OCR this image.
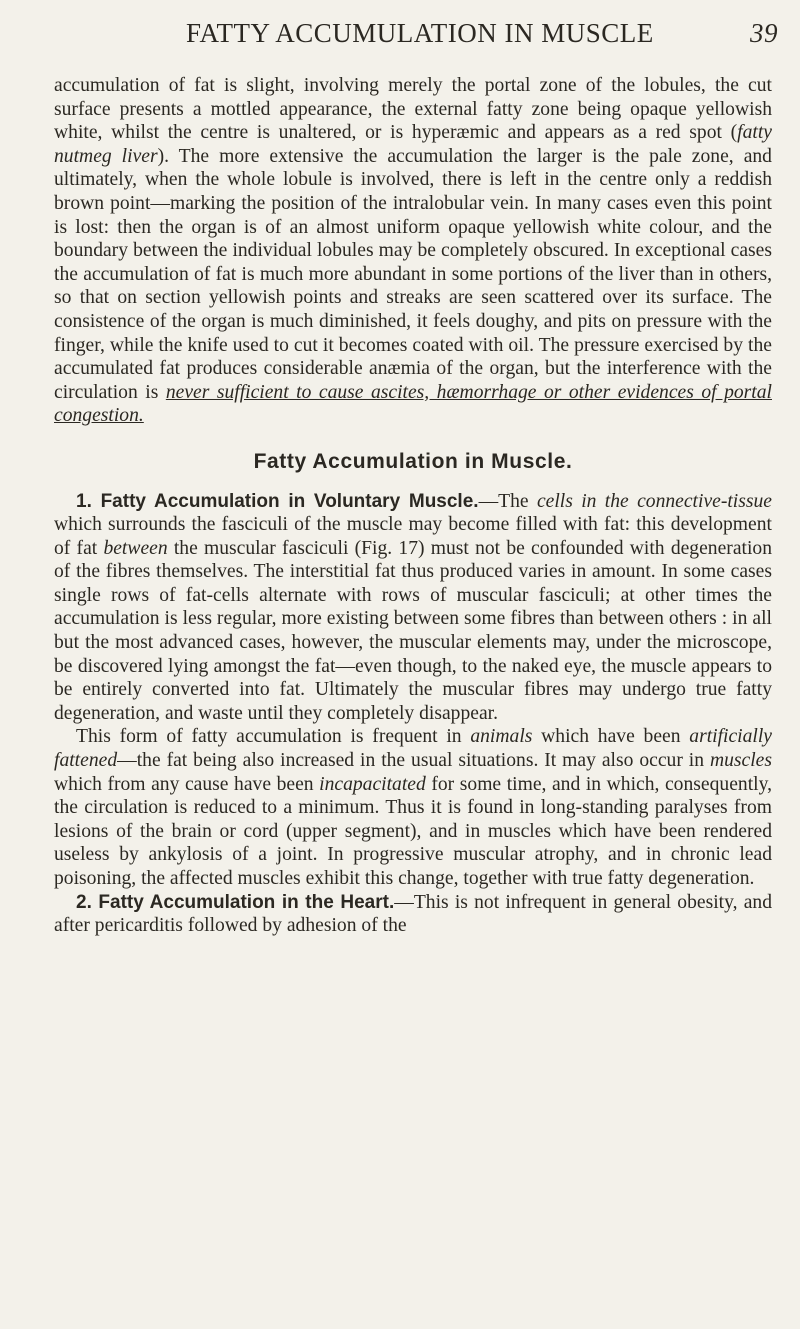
FATTY ACCUMULATION IN MUSCLE	39

accumulation of fat is slight, involving merely the portal zone of the lobules, the cut surface presents a mottled appearance, the external fatty zone being opaque yellowish white, whilst the centre is unaltered, or is hyperæmic and appears as a red spot (fatty nutmeg liver). The more extensive the accumulation the larger is the pale zone, and ultimately, when the whole lobule is involved, there is left in the centre only a reddish brown point—marking the position of the intralobular vein. In many cases even this point is lost: then the organ is of an almost uniform opaque yellowish white colour, and the boundary between the individual lobules may be completely obscured. In exceptional cases the accumulation of fat is much more abundant in some portions of the liver than in others, so that on section yellowish points and streaks are seen scattered over its surface. The consistence of the organ is much diminished, it feels doughy, and pits on pressure with the finger, while the knife used to cut it becomes coated with oil. The pressure exercised by the accumulated fat produces considerable anæmia of the organ, but the interference with the circulation is never sufficient to cause ascites, hæmorrhage or other evidences of portal congestion.

Fatty Accumulation in Muscle.

1. Fatty Accumulation in Voluntary Muscle.—The cells in the connective-tissue which surrounds the fasciculi of the muscle may become filled with fat: this development of fat between the muscular fasciculi (Fig. 17) must not be confounded with degeneration of the fibres themselves. The interstitial fat thus produced varies in amount. In some cases single rows of fat-cells alternate with rows of muscular fasciculi; at other times the accumulation is less regular, more existing between some fibres than between others : in all but the most advanced cases, however, the muscular elements may, under the microscope, be discovered lying amongst the fat—even though, to the naked eye, the muscle appears to be entirely converted into fat. Ultimately the muscular fibres may undergo true fatty degeneration, and waste until they completely disappear.

This form of fatty accumulation is frequent in animals which have been artificially fattened—the fat being also increased in the usual situations. It may also occur in muscles which from any cause have been incapacitated for some time, and in which, consequently, the circulation is reduced to a minimum. Thus it is found in long-standing paralyses from lesions of the brain or cord (upper segment), and in muscles which have been rendered useless by ankylosis of a joint. In progressive muscular atrophy, and in chronic lead poisoning, the affected muscles exhibit this change, together with true fatty degeneration.

2. Fatty Accumulation in the Heart.—This is not infrequent in general obesity, and after pericarditis followed by adhesion of the
